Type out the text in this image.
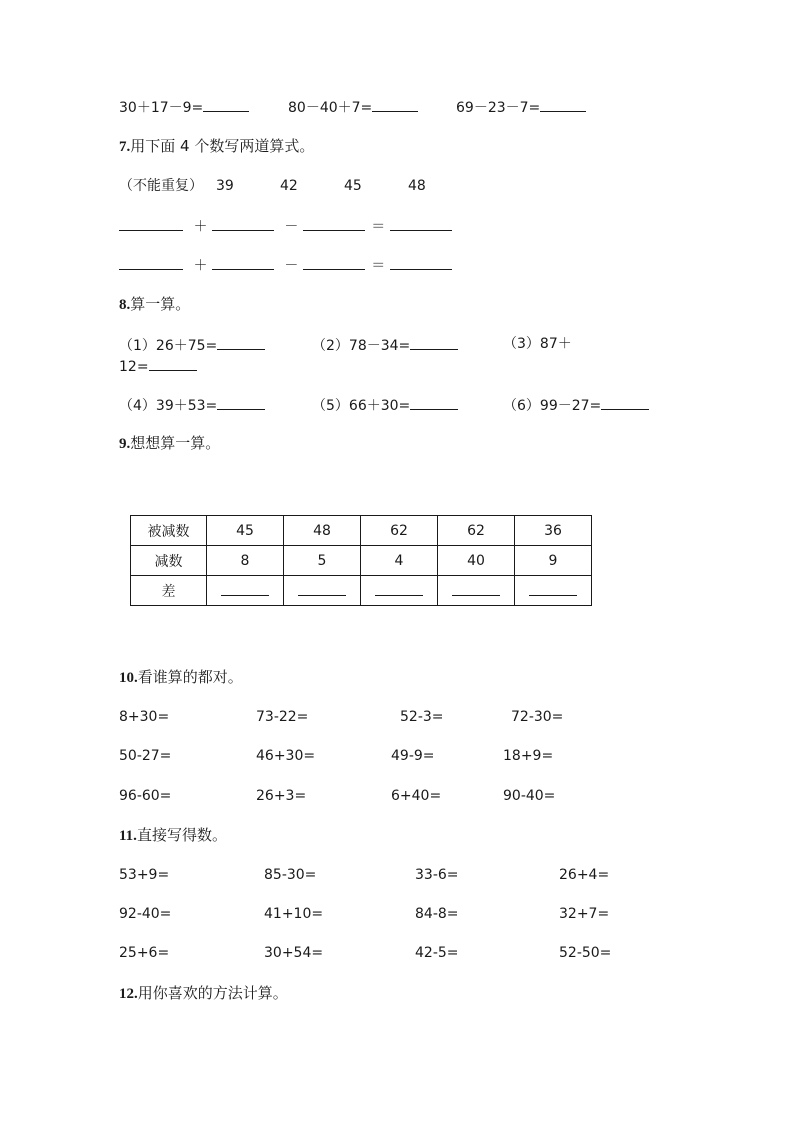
30＋17－9=	80－40＋7=	69－23－7=
7.用下面 4 个数写两道算式。
（不能重复） 39	42	45	48
＋	－	＝
＋	－	＝
8.算一算。
（1）26＋75=	（2）78－34=	（3）87＋
12=
（4）39＋53=	（5）66＋30=	（6）99－27=
9.想想算一算。
被减数	45	48	62	62	36
减数	8	5	4	40	9
差					
10.看谁算的都对。
8+30=	73-22=	52-3=	72-30=
50-27=	46+30=	49-9=	18+9=
96-60=	26+3=	6+40=	90-40=
11.直接写得数。
53+9=	85-30=	33-6=	26+4=
92-40=	41+10=	84-8=	32+7=
25+6=	30+54=	42-5=	52-50=
12.用你喜欢的方法计算。
